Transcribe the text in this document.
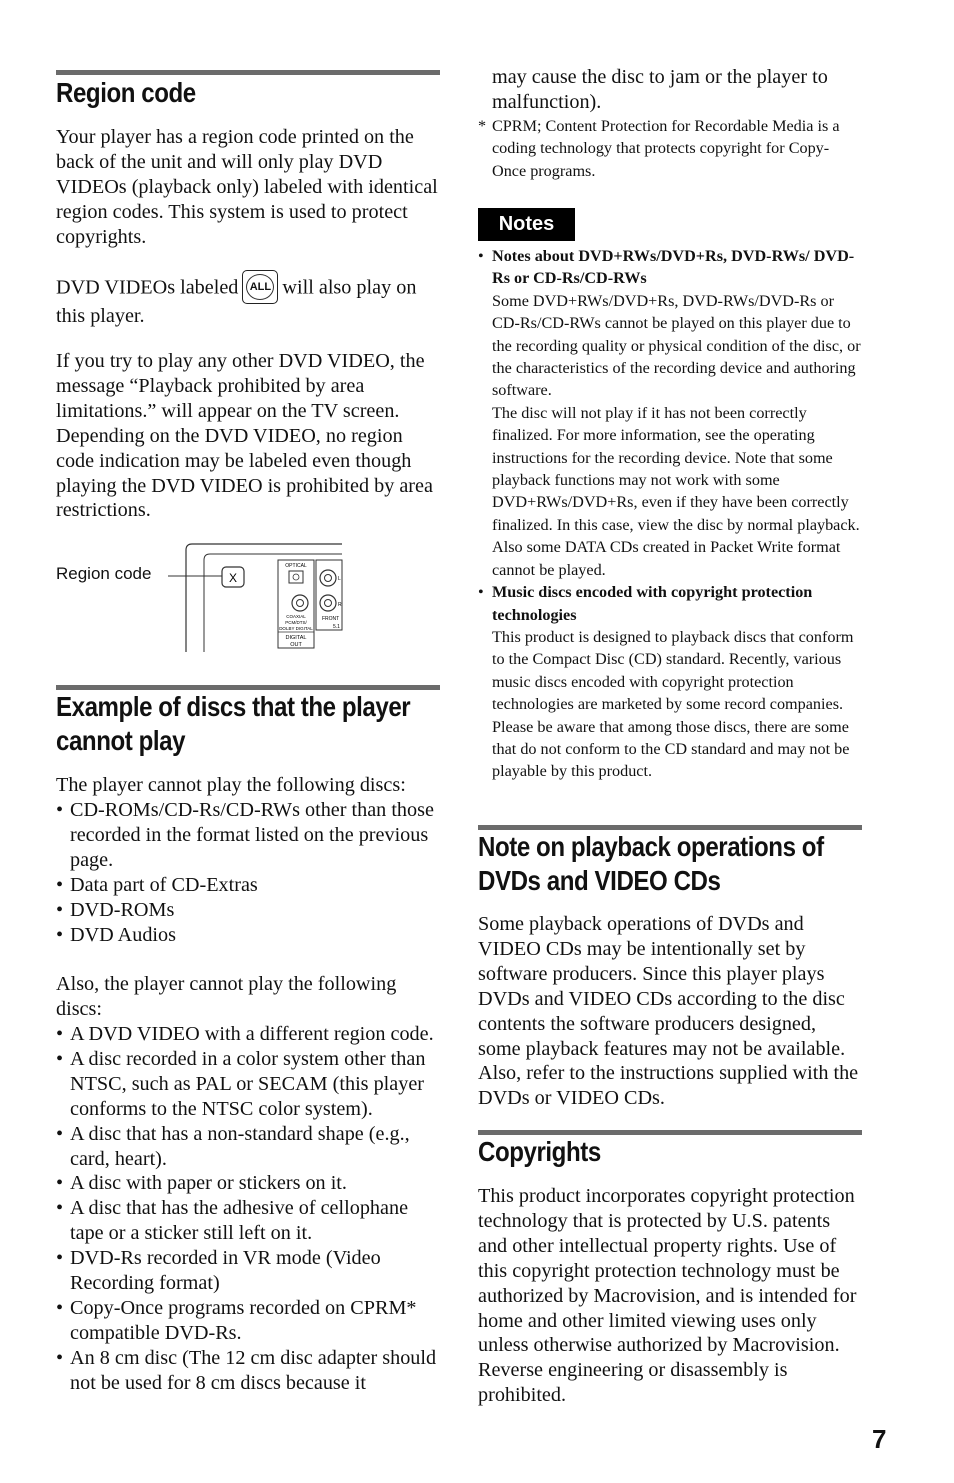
Region code

Your player has a region code printed on the back of the unit and will only play DVD VIDEOs (playback only) labeled with identical region codes. This system is used to protect copyrights.

DVD VIDEOs labeled ALL will also play on this player.

If you try to play any other DVD VIDEO, the message “Playback prohibited by area limitations.” will appear on the TV screen. Depending on the DVD VIDEO, no region code indication may be labeled even though playing the DVD VIDEO is prohibited by area restrictions.

Region code	X
OPTICAL
COAXIAL
PCM/DTS/
DOLBY DIGITAL
DIGITAL
OUT
L
R
FRONT
5.1
Example of discs that the player
cannot play

The player cannot play the following discs:

• CD-ROMs/CD-Rs/CD-RWs other than those recorded in the format listed on the previous page.
• Data part of CD-Extras
• DVD-ROMs
• DVD Audios

Also, the player cannot play the following discs:

• A DVD VIDEO with a different region code.
• A disc recorded in a color system other than NTSC, such as PAL or SECAM (this player conforms to the NTSC color system).
• A disc that has a non-standard shape (e.g., card, heart).
• A disc with paper or stickers on it.
• A disc that has the adhesive of cellophane tape or a sticker still left on it.
• DVD-Rs recorded in VR mode (Video Recording format)
• Copy-Once programs recorded on CPRM* compatible DVD-Rs.
• An 8 cm disc (The 12 cm disc adapter should not be used for 8 cm discs because it

may cause the disc to jam or the player to malfunction).

* CPRM; Content Protection for Recordable Media is a coding technology that protects copyright for Copy-Once programs.
Notes
• Notes about DVD+RWs/DVD+Rs, DVD-RWs/ DVD-Rs or CD-Rs/CD-RWs
Some DVD+RWs/DVD+Rs, DVD-RWs/DVD-Rs or CD-Rs/CD-RWs cannot be played on this player due to the recording quality or physical condition of the disc, or the characteristics of the recording device and authoring software.
The disc will not play if it has not been correctly finalized. For more information, see the operating instructions for the recording device. Note that some playback functions may not work with some DVD+RWs/DVD+Rs, even if they have been correctly finalized. In this case, view the disc by normal playback. Also some DATA CDs created in Packet Write format cannot be played.
• Music discs encoded with copyright protection technologies
This product is designed to playback discs that conform to the Compact Disc (CD) standard. Recently, various music discs encoded with copyright protection technologies are marketed by some record companies. Please be aware that among those discs, there are some that do not conform to the CD standard and may not be playable by this product.
Note on playback operations of
DVDs and VIDEO CDs

Some playback operations of DVDs and VIDEO CDs may be intentionally set by software producers. Since this player plays DVDs and VIDEO CDs according to the disc contents the software producers designed, some playback features may not be available. Also, refer to the instructions supplied with the DVDs or VIDEO CDs.

Copyrights

This product incorporates copyright protection technology that is protected by U.S. patents and other intellectual property rights. Use of this copyright protection technology must be authorized by Macrovision, and is intended for home and other limited viewing uses only unless otherwise authorized by Macrovision. Reverse engineering or disassembly is prohibited.

7
